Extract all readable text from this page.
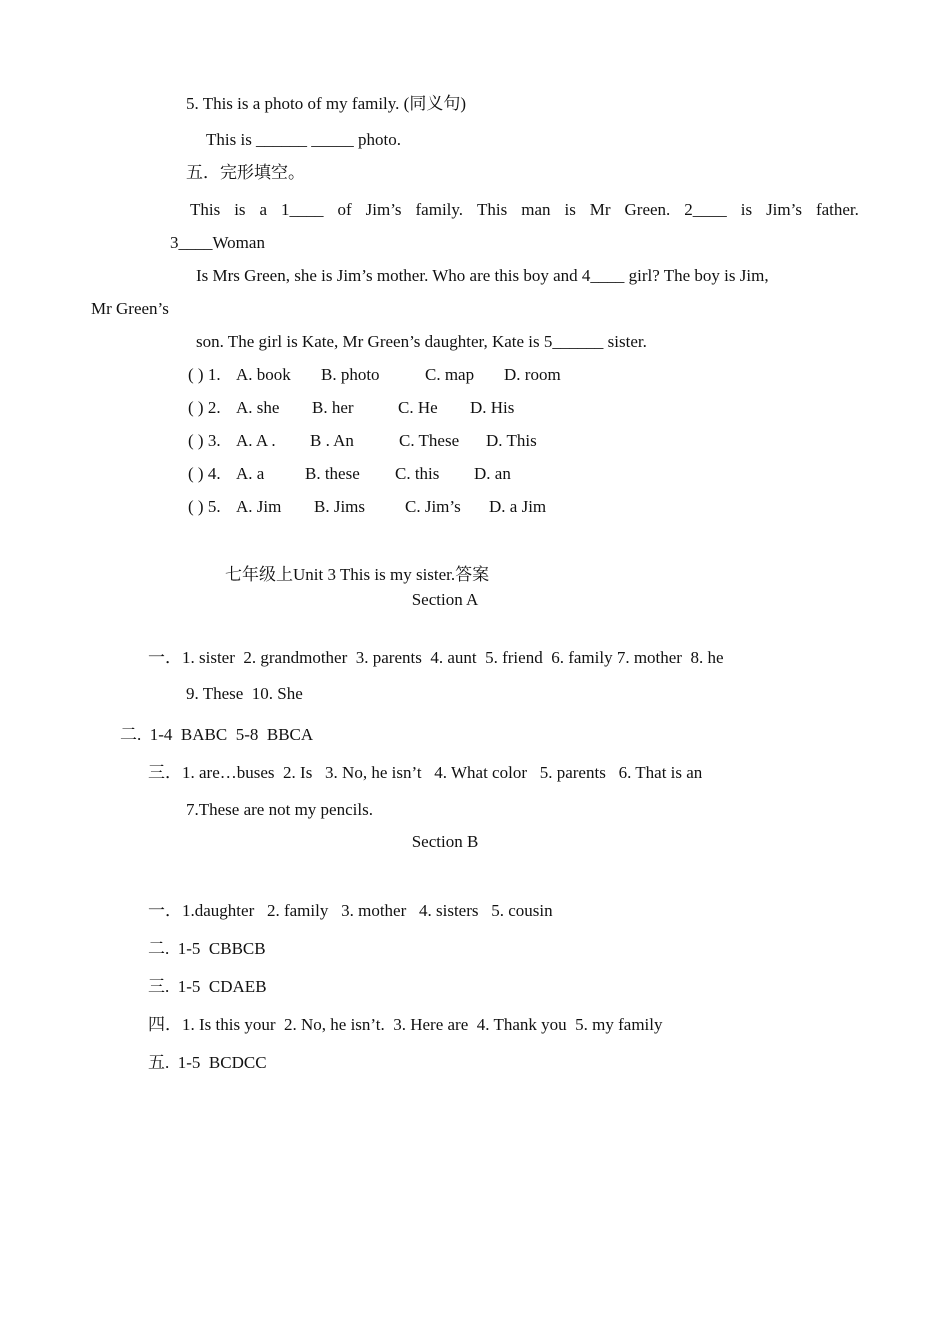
5. This is a photo of my family. (同义句)
This is ______ _____ photo.
五．完形填空。
This is a 1____ of Jim’s family. This man is Mr Green. 2____ is Jim’s father.
3____Woman
Is Mrs Green, she is Jim’s mother. Who are this boy and 4____ girl? The boy is Jim,
Mr Green’s
son. The girl is Kate, Mr Green’s daughter, Kate is 5______ sister.
( ) 1. A. book B. photo	C. map D. room
( ) 2. A. she B. her	C. He D. His
( ) 3. A. A . B . An	C. These D. This
( ) 4. A. a B. these C. this D. an
( ) 5. A. Jim B. Jims C. Jim’s D. a Jim
七年级上Unit 3 This is my sister.答案
Section A
一．1. sister  2. grandmother  3. parents  4. aunt  5. friend  6. family 7. mother  8. he
9. These  10. She
二.  1-4  BABC  5-8  BBCA
三．1. are…buses  2. Is   3. No, he isn’t   4. What color   5. parents   6. That is an
7.These are not my pencils.
Section B
一．1.daughter   2. family   3. mother   4. sisters   5. cousin
二.  1-5  CBBCB
三.  1-5  CDAEB
四．1. Is this your  2. No, he isn’t.  3. Here are  4. Thank you  5. my family
五.  1-5  BCDCC
